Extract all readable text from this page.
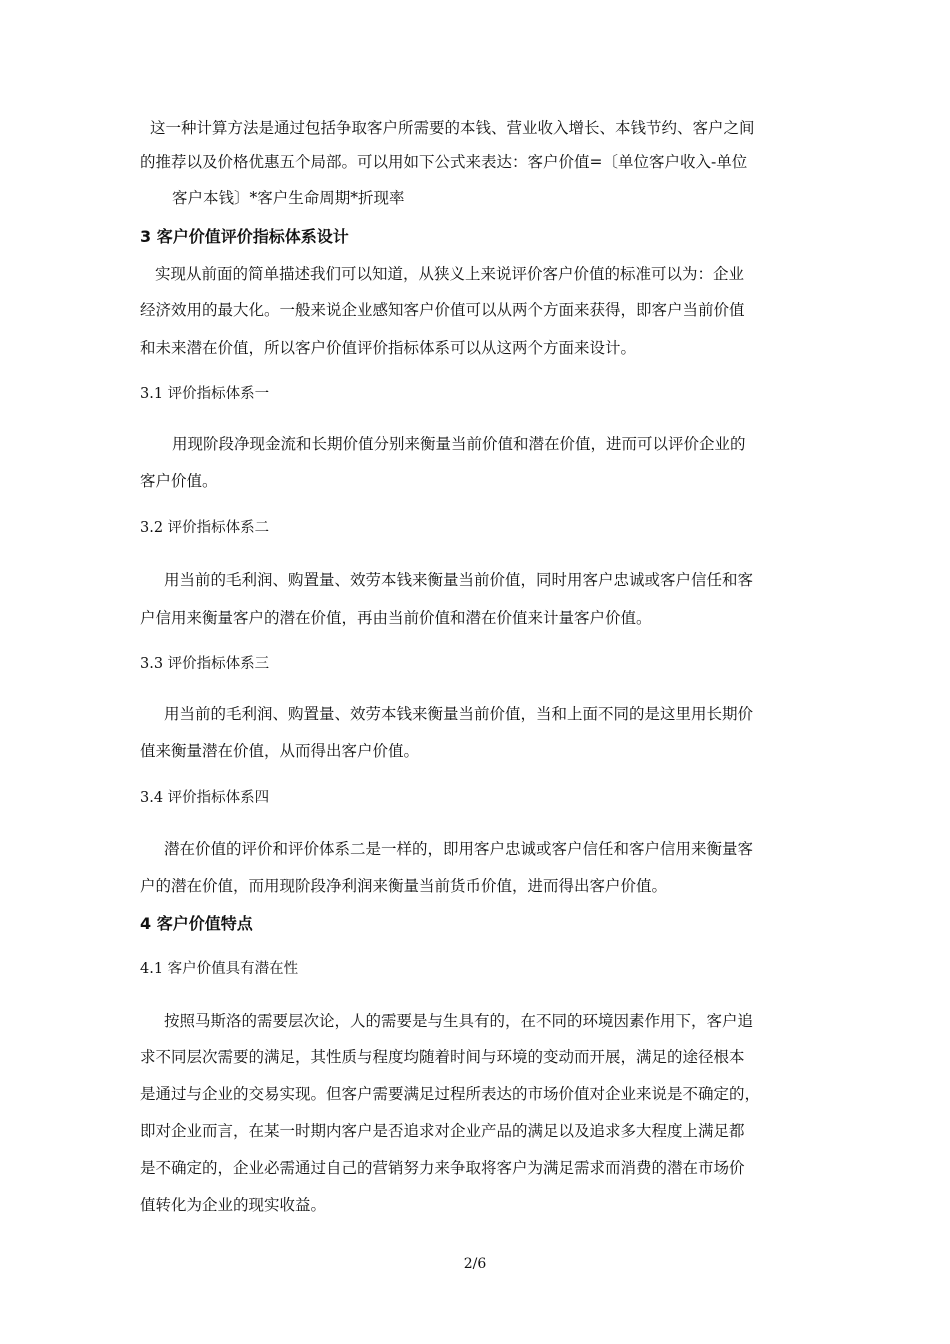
这一种计算方法是通过包括争取客户所需要的本钱、营业收入增长、本钱节约、客户之间
的推荐以及价格优惠五个局部。可以用如下公式来表达：客户价值=〔单位客户收入-单位
客户本钱〕*客户生命周期*折现率
3 客户价值评价指标体系设计
实现从前面的简单描述我们可以知道，从狭义上来说评价客户价值的标准可以为：企业
经济效用的最大化。一般来说企业感知客户价值可以从两个方面来获得，即客户当前价值
和未来潜在价值，所以客户价值评价指标体系可以从这两个方面来设计。
3.1 评价指标体系一
用现阶段净现金流和长期价值分别来衡量当前价值和潜在价值，进而可以评价企业的
客户价值。
3.2 评价指标体系二
用当前的毛利润、购置量、效劳本钱来衡量当前价值，同时用客户忠诚或客户信任和客
户信用来衡量客户的潜在价值，再由当前价值和潜在价值来计量客户价值。
3.3 评价指标体系三
用当前的毛利润、购置量、效劳本钱来衡量当前价值，当和上面不同的是这里用长期价
值来衡量潜在价值，从而得出客户价值。
3.4 评价指标体系四
潜在价值的评价和评价体系二是一样的，即用客户忠诚或客户信任和客户信用来衡量客
户的潜在价值，而用现阶段净利润来衡量当前货币价值，进而得出客户价值。
4 客户价值特点
4.1 客户价值具有潜在性
按照马斯洛的需要层次论，人的需要是与生具有的，在不同的环境因素作用下，客户追
求不同层次需要的满足，其性质与程度均随着时间与环境的变动而开展，满足的途径根本
是通过与企业的交易实现。但客户需要满足过程所表达的市场价值对企业来说是不确定的，
即对企业而言，在某一时期内客户是否追求对企业产品的满足以及追求多大程度上满足都
是不确定的，企业必需通过自己的营销努力来争取将客户为满足需求而消费的潜在市场价
值转化为企业的现实收益。
2/6
